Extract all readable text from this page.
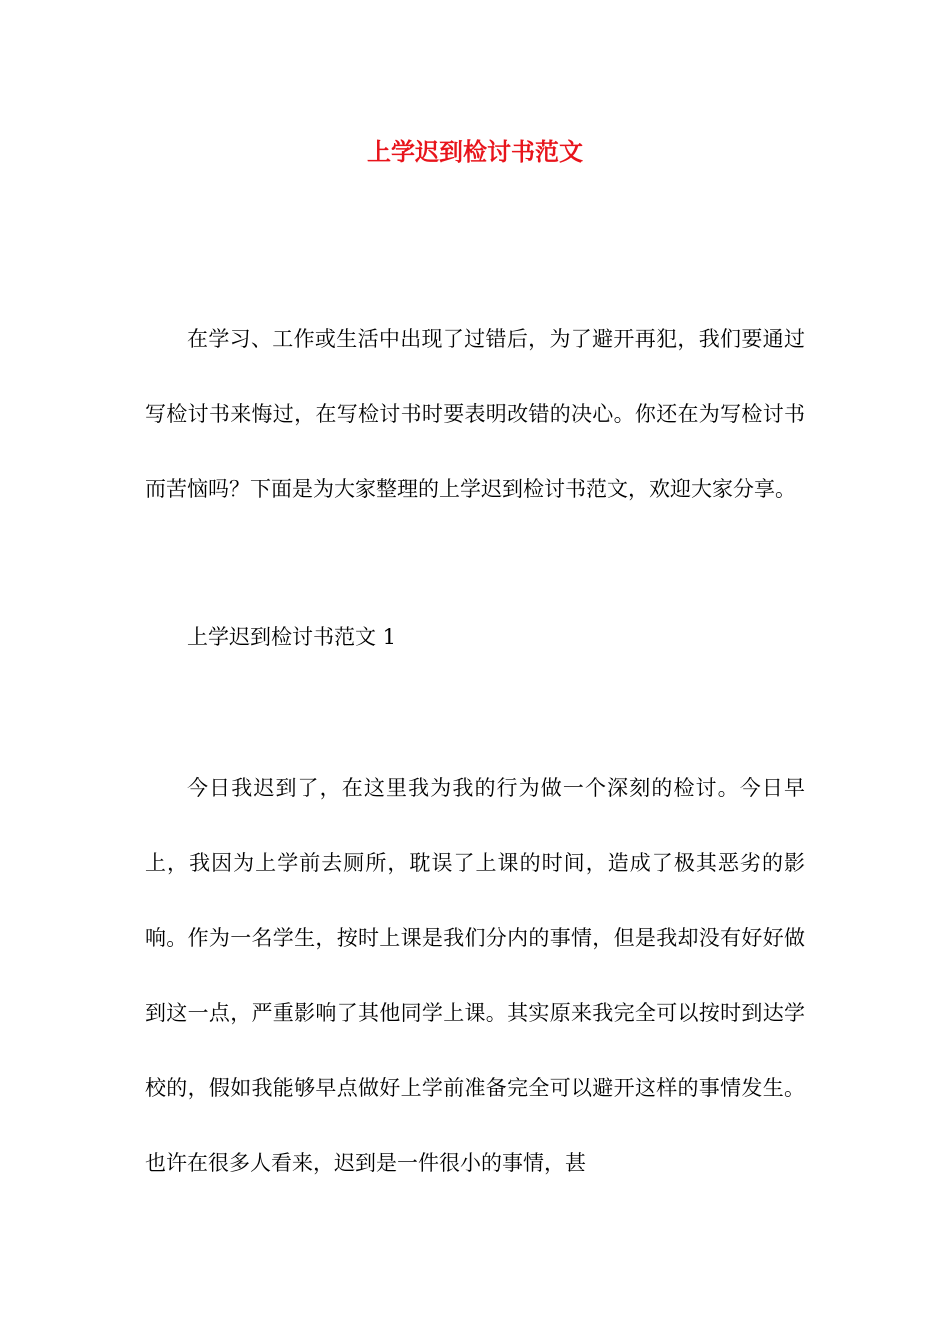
上学迟到检讨书范文

在学习、工作或生活中出现了过错后，为了避开再犯，我们要通过写检讨书来悔过，在写检讨书时要表明改错的决心。你还在为写检讨书而苦恼吗？下面是为大家整理的上学迟到检讨书范文，欢迎大家分享。

上学迟到检讨书范文 1

今日我迟到了，在这里我为我的行为做一个深刻的检讨。今日早上，我因为上学前去厕所，耽误了上课的时间，造成了极其恶劣的影响。作为一名学生，按时上课是我们分内的事情，但是我却没有好好做到这一点，严重影响了其他同学上课。其实原来我完全可以按时到达学校的，假如我能够早点做好上学前准备完全可以避开这样的事情发生。也许在很多人看来，迟到是一件很小的事情，甚
